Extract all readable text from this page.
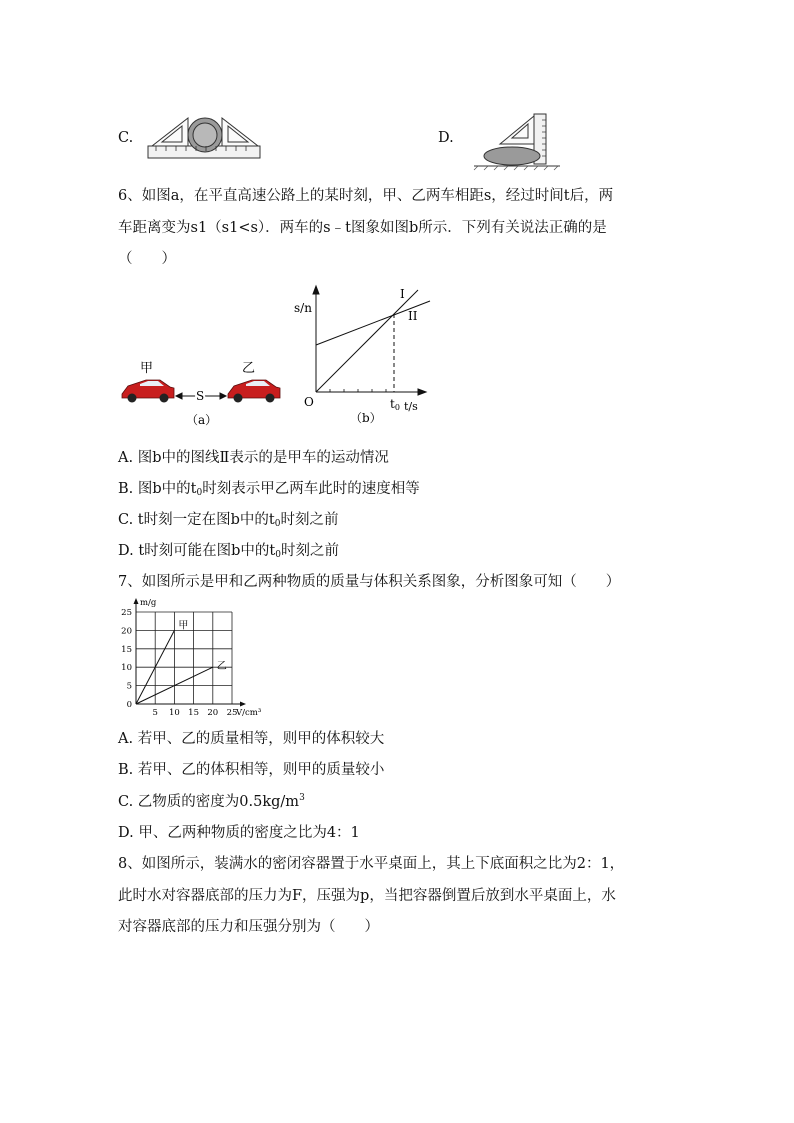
C.	D.
6、如图a，在平直高速公路上的某时刻，甲、乙两车相距s，经过时间t后，两
车距离变为s1（s1<s）．两车的s﹣t图象如图b所示．下列有关说法正确的是
（　　）
甲	乙
S
（a）
s/n
O	t0 t/s
I
II
（b）
A. 图b中的图线Ⅱ表示的是甲车的运动情况
B. 图b中的$t_0$时刻表示甲乙两车此时的速度相等
C. t时刻一定在图b中的$t_0$时刻之前
D. t时刻可能在图b中的$t_0$时刻之前
7、如图所示是甲和乙两种物质的质量与体积关系图象，分析图象可知（　　）
5 10 15 20 25
0
5
10
15
20
25
甲
乙
m/g
V/cm³
A. 若甲、乙的质量相等，则甲的体积较大
B. 若甲、乙的体积相等，则甲的质量较小
C. 乙物质的密度为$0.5kg/m^3$
D. 甲、乙两种物质的密度之比为4：1
8、如图所示，装满水的密闭容器置于水平桌面上，其上下底面积之比为2：1，
此时水对容器底部的压力为F，压强为p，当把容器倒置后放到水平桌面上，水
对容器底部的压力和压强分别为（　　）
